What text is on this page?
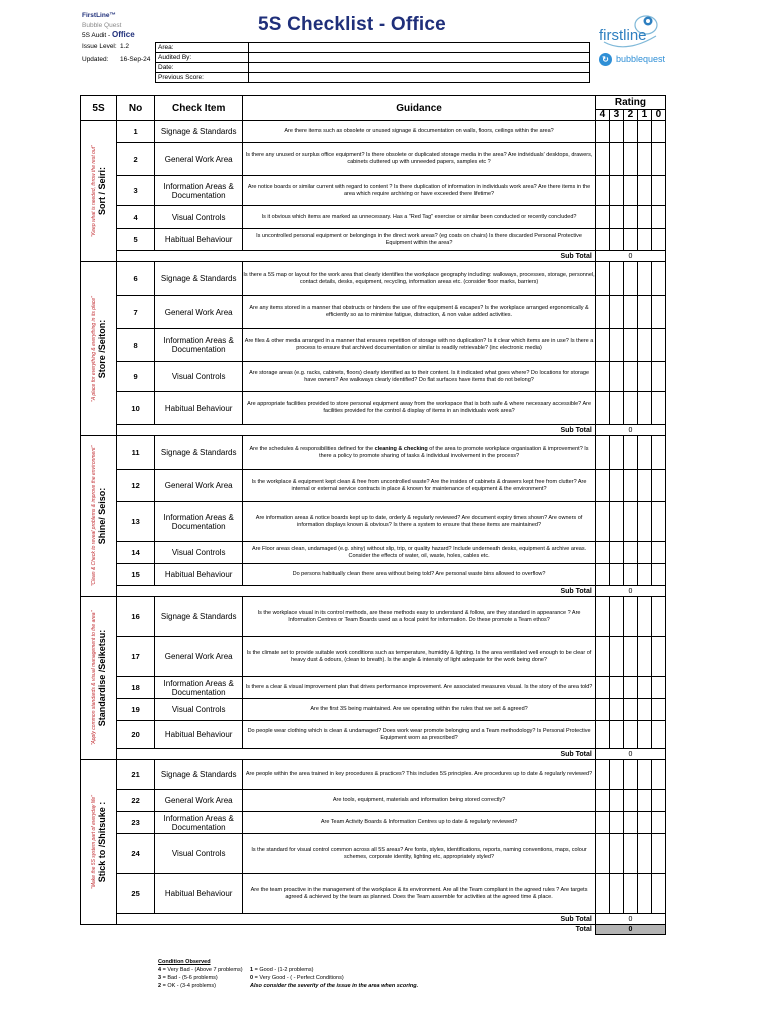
FirstLine™
Bubble Quest
5S Audit - Office
Issue Level: 1.2
Updated: 16-Sep-24
5S Checklist - Office
firstline
↻ bubblequest
Area:	
Audited By:	
Date:	
Previous Score:	
5S	No	Check Item	Guidance	Rating				
				4	3	2	1	0

"Keep what is needed, throw the rest out" Sort / Seiri:	1	Signage & Standards	Are there items such as obsolete or unused signage & documentation on walls, floors, ceilings within the area?					
	2	General Work Area	Is there any unused or surplus office equipment? Is there obsolete or duplicated storage media in the area? Are individuals' desktops, drawers, cabinets cluttered up with unneeded papers, samples etc ?					
	3	Information Areas & Documentation	Are notice boards or similar current with regard to content ? Is there duplication of information in individuals work area? Are there items in the area which require archiving or have exceeded there lifetime?					
	4	Visual Controls	Is it obvious which items are marked as unnecessary. Has a "Red Tag" exercise or similar been conducted or recently concluded?					
	5	Habitual Behaviour	Is uncontrolled personal equipment or belongings in the direct work areas? (eg coats on chairs) Is there discarded Personal Protective Equipment within the area?					
	Sub Total			0				

"A place for everything & everything in its place" Store /Seiton:	6	Signage & Standards	Is there a 5S map or layout for the work area that clearly identifies the workplace geography including: walkways, processes, storage, personnel, contact details, desks, equipment, recycling, information areas etc. (consider floor marks, barriers)					
	7	General Work Area	Are any items stored in a manner that obstructs or hinders the use of fire equipment & escapes? Is the workplace arranged ergonomically & efficiently so as to minimise fatigue, distraction, & non value added activities.					
	8	Information Areas & Documentation	Are files & other media arranged in a manner that ensures repetition of storage with no duplication? Is it clear which items are in use? Is there a process to ensure that archived documentation or similar is readily retrievable? (inc electronic media)					
	9	Visual Controls	Are storage areas (e.g. racks, cabinets, floors) clearly identified as to their content. Is it indicated what goes where? Do locations for storage have owners? Are walkways clearly identified? Do flat surfaces have items that do not belong?					
	10	Habitual Behaviour	Are appropriate facilities provided to store personal equipment away from the workspace that is both safe & where necessary accessible? Are facilities provided for the control & display of items in an individuals work area?					
	Sub Total			0				

"Clean & Check to reveal problems & improve the environment" Shine/ Seiso:	11	Signage & Standards	Are the schedules & responsibilities defined for the cleaning & checking of the area to promote workplace organisation & improvement? Is there a policy to promote sharing of tasks & individual involvement in the process?					
	12	General Work Area	Is the workplace & equipment kept clean & free from uncontrolled waste? Are the insides of cabinets & drawers kept free from clutter? Are internal or external service contracts in place & known for maintenance of equipment & the environment?					
	13	Information Areas & Documentation	Are information areas & notice boards kept up to date, orderly & regularly reviewed? Are document expiry times shown? Are owners of information displays known & obvious? Is there a system to ensure that these items are maintained?					
	14	Visual Controls	Are Floor areas clean, undamaged (e.g. shiny) without slip, trip, or quality hazard? Include underneath desks, equipment & archive areas. Consider the effects of water, oil, waste, holes, cables etc.					
	15	Habitual Behaviour	Do persons habitually clean there area without being told? Are personal waste bins allowed to overflow?					
	Sub Total			0				

"Apply common standards & visual management to the area" Standardise /Seiketsu:	16	Signage & Standards	Is the workplace visual in its control methods, are these methods easy to understand & follow, are they standard in appearance ? Are Information Centres or Team Boards used as a focal point for information. Do these promote a Team ethos?					
	17	General Work Area	Is the climate set to provide suitable work conditions such as temperature, humidity & lighting. Is the area ventilated well enough to be clear of heavy dust & odours, (clean to breath). Is the angle & intensity of light adequate for the work being done?					
	18	Information Areas & Documentation	Is there a clear & visual improvement plan that drives performance improvement. Are associated measures visual. Is the story of the area told?					
	19	Visual Controls	Are the first 3S being maintained. Are we operating within the rules that we set & agreed?					
	20	Habitual Behaviour	Do people wear clothing which is clean & undamaged? Does work wear promote belonging and a Team methodology? Is Personal Protective Equipment worn as prescribed?					
	Sub Total			0				

"Make the 5S system part of everyday life" Stick to /Shitsuke :	21	Signage & Standards	Are people within the area trained in key procedures & practices? This includes 5S principles. Are procedures up to date & regularly reviewed?					
	22	General Work Area	Are tools, equipment, materials and information being stored correctly?					
	23	Information Areas & Documentation	Are Team Activity Boards & Information Centres up to date & regularly reviewed?					
	24	Visual Controls	Is the standard for visual control common across all 5S areas? Are fonts, styles, identifications, reports, naming conventions, maps, colour schemes, corporate identity, lighting etc, appropriately styled?					
	25	Habitual Behaviour	Are the team proactive in the management of the workplace & its environment. Are all the Team compliant in the agreed rules ? Are targets agreed & achieved by the team as planned. Does the Team assemble for activities at the agreed time & place.					
	Sub Total			0				
		Total		0				
Condition Observed
4 = Very Bad - (Above 7 problems)
3 = Bad - (5-6 problems)
2 = OK - (3-4 problems)
1 = Good - (1-2 problems)
0 = Very Good - ( - Perfect Conditions)
Also consider the severity of the issue in the area when scoring.
